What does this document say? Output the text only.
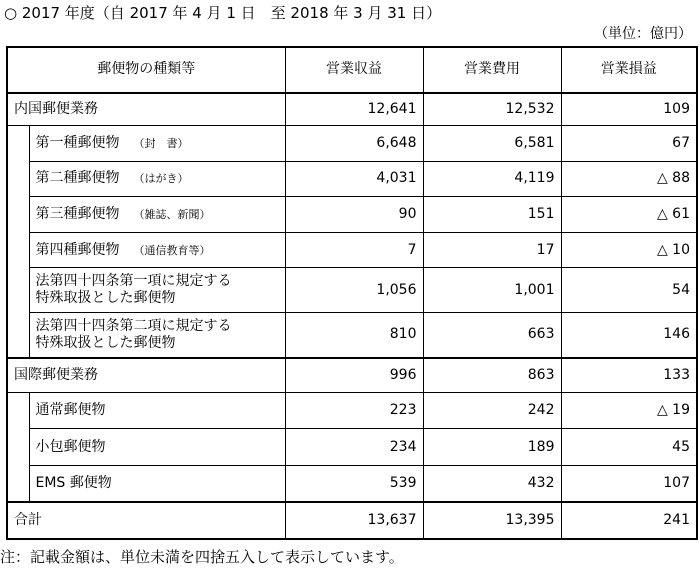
○ 2017 年度（自 2017 年 4 月 1 日　至 2018 年 3 月 31 日）
（単位：億円）
郵便物の種類等		営業収益	営業費用	営業損益
内国郵便業務		12,641	12,532	109
	第一種郵便物 （封　書）	6,648	6,581	67
	第二種郵便物 （はがき）	4,031	4,119	△ 88
	第三種郵便物 （雑誌、新聞）	90	151	△ 61
	第四種郵便物 （通信教育等）	7	17	△ 10

	法第四十四条第一項に規定する
特殊取扱とした郵便物	1,056	1,001	54

	法第四十四条第二項に規定する
特殊取扱とした郵便物	810	663	146
国際郵便業務		996	863	133
	通常郵便物	223	242	△ 19
	小包郵便物	234	189	45
	EMS 郵便物	539	432	107
合計		13,637	13,395	241
注：記載金額は、単位未満を四捨五入して表示しています。
